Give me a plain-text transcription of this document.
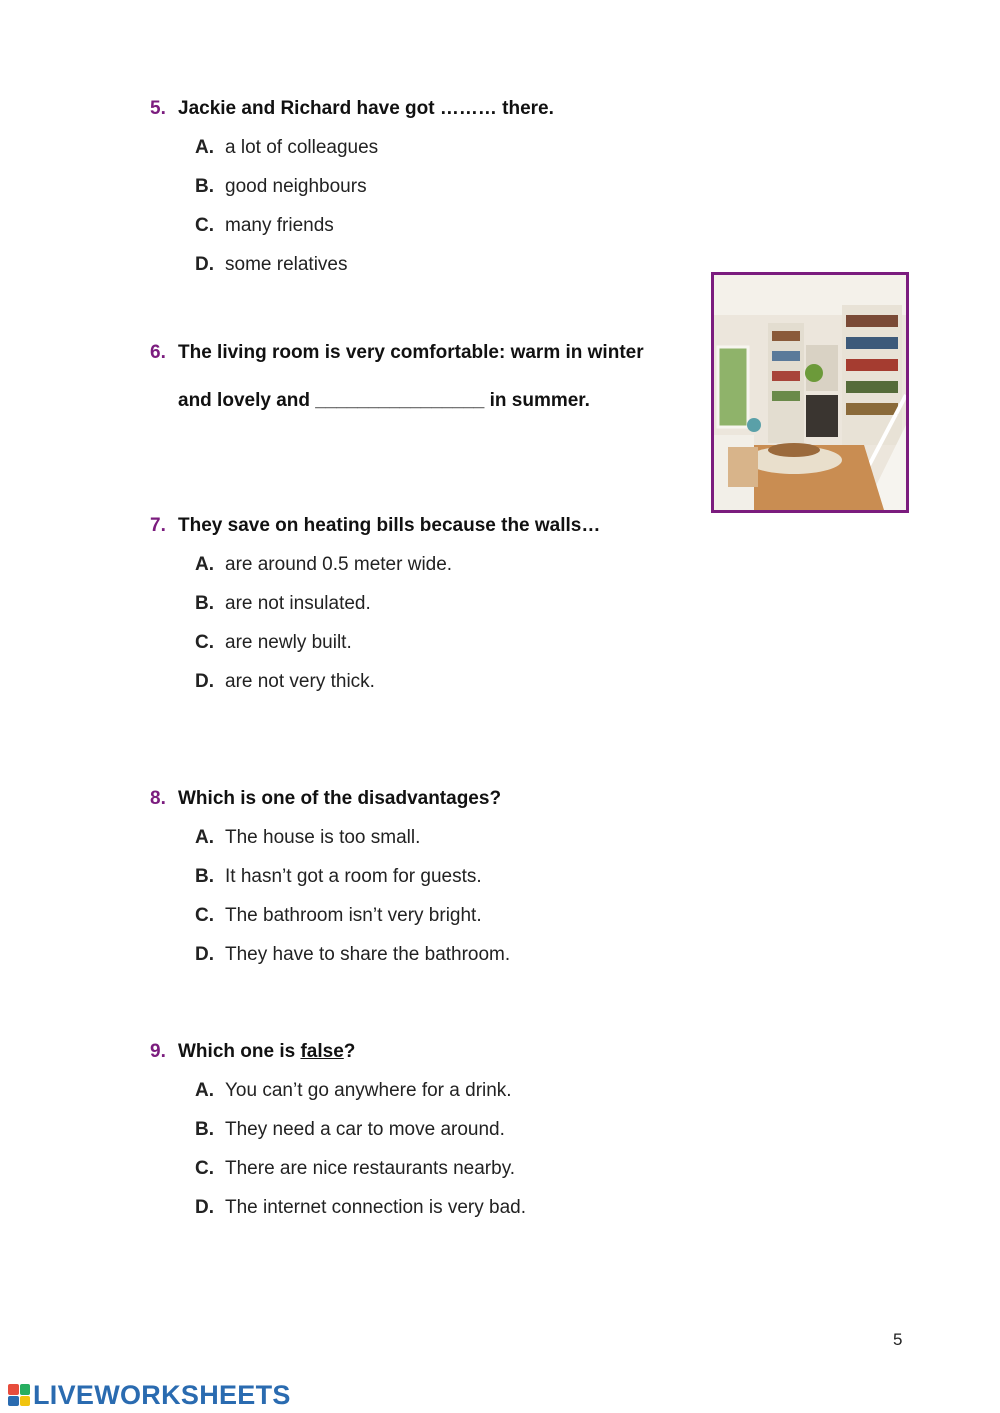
5. Jackie and Richard have got ……… there.
A. a lot of colleagues
B. good neighbours
C. many friends
D. some relatives
6. The living room is very comfortable: warm in winter
and lovely and ________________ in summer.
7. They save on heating bills because the walls…
A. are around 0.5 meter wide.
B. are not insulated.
C. are newly built.
D. are not very thick.
8. Which is one of the disadvantages?
A. The house is too small.
B. It hasn’t got a room for guests.
C. The bathroom isn’t very bright.
D. They have to share the bathroom.
9. Which one is false?
A. You can’t go anywhere for a drink.
B. They need a car to move around.
C. There are nice restaurants nearby.
D. The internet connection is very bad.
5
LIVEWORKSHEETS
